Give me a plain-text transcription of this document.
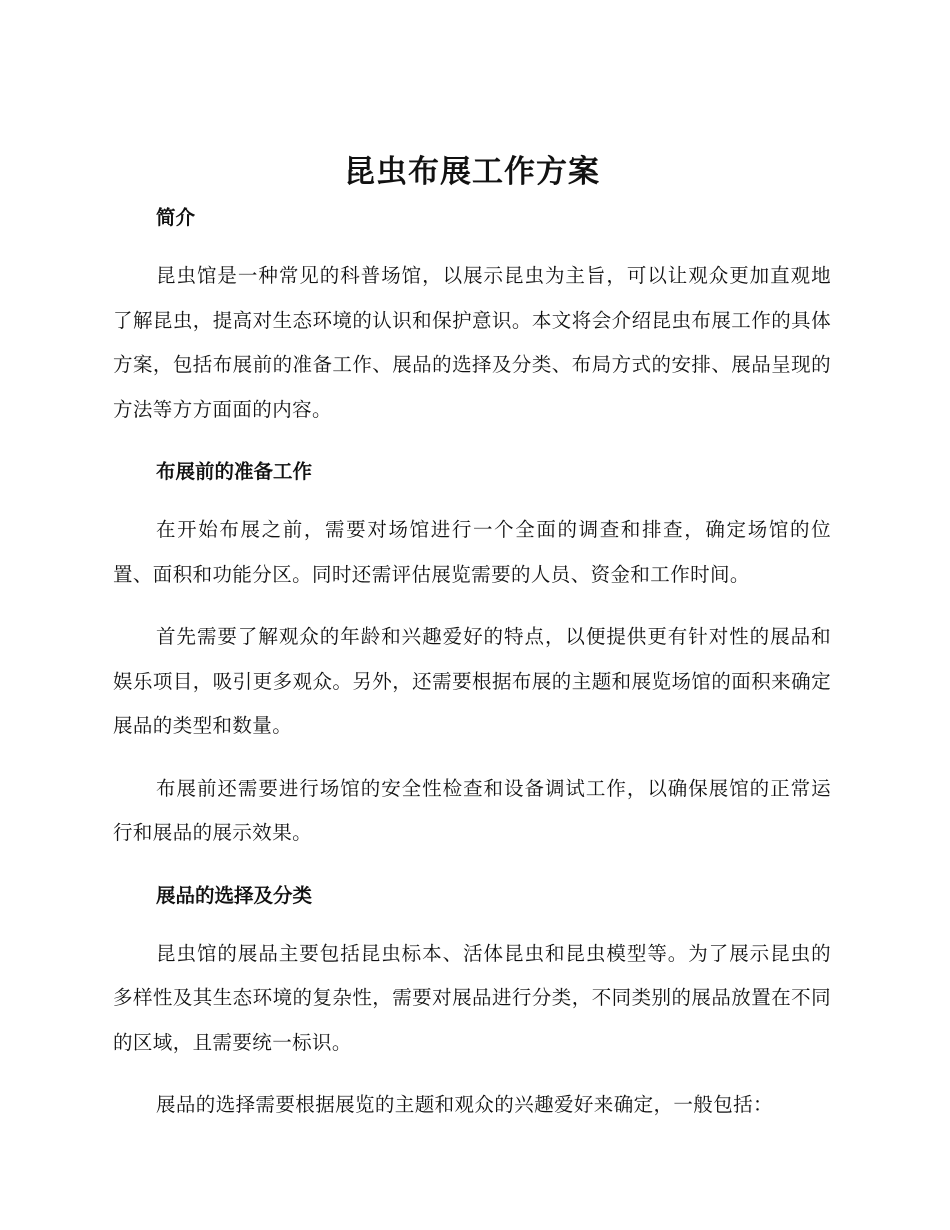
昆虫布展工作方案
简介

昆虫馆是一种常见的科普场馆，以展示昆虫为主旨，可以让观众更加直观地了解昆虫，提高对生态环境的认识和保护意识。本文将会介绍昆虫布展工作的具体方案，包括布展前的准备工作、展品的选择及分类、布局方式的安排、展品呈现的方法等方方面面的内容。

布展前的准备工作

在开始布展之前，需要对场馆进行一个全面的调查和排查，确定场馆的位置、面积和功能分区。同时还需评估展览需要的人员、资金和工作时间。

首先需要了解观众的年龄和兴趣爱好的特点，以便提供更有针对性的展品和娱乐项目，吸引更多观众。另外，还需要根据布展的主题和展览场馆的面积来确定展品的类型和数量。

布展前还需要进行场馆的安全性检查和设备调试工作，以确保展馆的正常运行和展品的展示效果。

展品的选择及分类

昆虫馆的展品主要包括昆虫标本、活体昆虫和昆虫模型等。为了展示昆虫的多样性及其生态环境的复杂性，需要对展品进行分类，不同类别的展品放置在不同的区域，且需要统一标识。

展品的选择需要根据展览的主题和观众的兴趣爱好来确定，一般包括：
